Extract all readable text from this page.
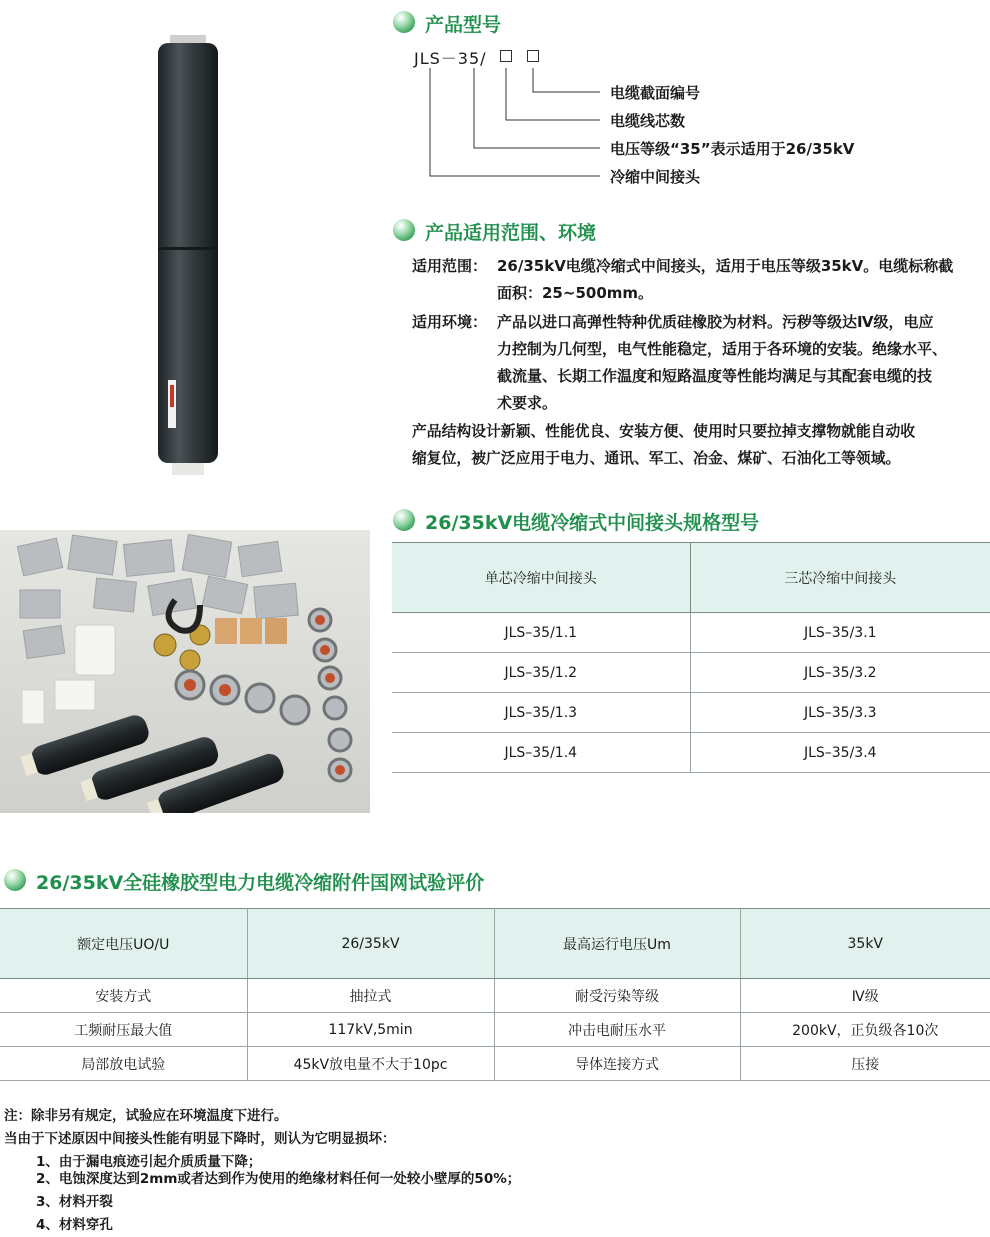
产品型号
JLS－35/
电缆截面编号
电缆线芯数
电压等级“35”表示适用于26/35kV
冷缩中间接头
产品适用范围、环境
适用范围： 26/35kV电缆冷缩式中间接头，适用于电压等级35kV。电缆标称截
面积：25~500mm。
适用环境： 产品以进口高弹性特种优质硅橡胶为材料。污秽等级达Ⅳ级，电应
力控制为几何型，电气性能稳定，适用于各环境的安装。绝缘水平、
截流量、长期工作温度和短路温度等性能均满足与其配套电缆的技
术要求。
产品结构设计新颖、性能优良、安装方便、使用时只要拉掉支撑物就能自动收
缩复位，被广泛应用于电力、通讯、军工、冶金、煤矿、石油化工等领域。
26/35kV电缆冷缩式中间接头规格型号
单芯冷缩中间接头	三芯冷缩中间接头
JLS–35/1.1	JLS–35/3.1
JLS–35/1.2	JLS–35/3.2
JLS–35/1.3	JLS–35/3.3
JLS–35/1.4	JLS–35/3.4
26/35kV全硅橡胶型电力电缆冷缩附件国网试验评价
额定电压UO/U	26/35kV	最高运行电压Um	35kV
安装方式	抽拉式	耐受污染等级	Ⅳ级
工频耐压最大值	117kV,5min	冲击电耐压水平	200kV，正负级各10次
局部放电试验	45kV放电量不大于10pc	导体连接方式	压接
注：除非另有规定，试验应在环境温度下进行。
当由于下述原因中间接头性能有明显下降时，则认为它明显损坏：
1、由于漏电痕迹引起介质质量下降；
2、电蚀深度达到2mm或者达到作为使用的绝缘材料任何一处较小壁厚的50%；
3、材料开裂
4、材料穿孔
